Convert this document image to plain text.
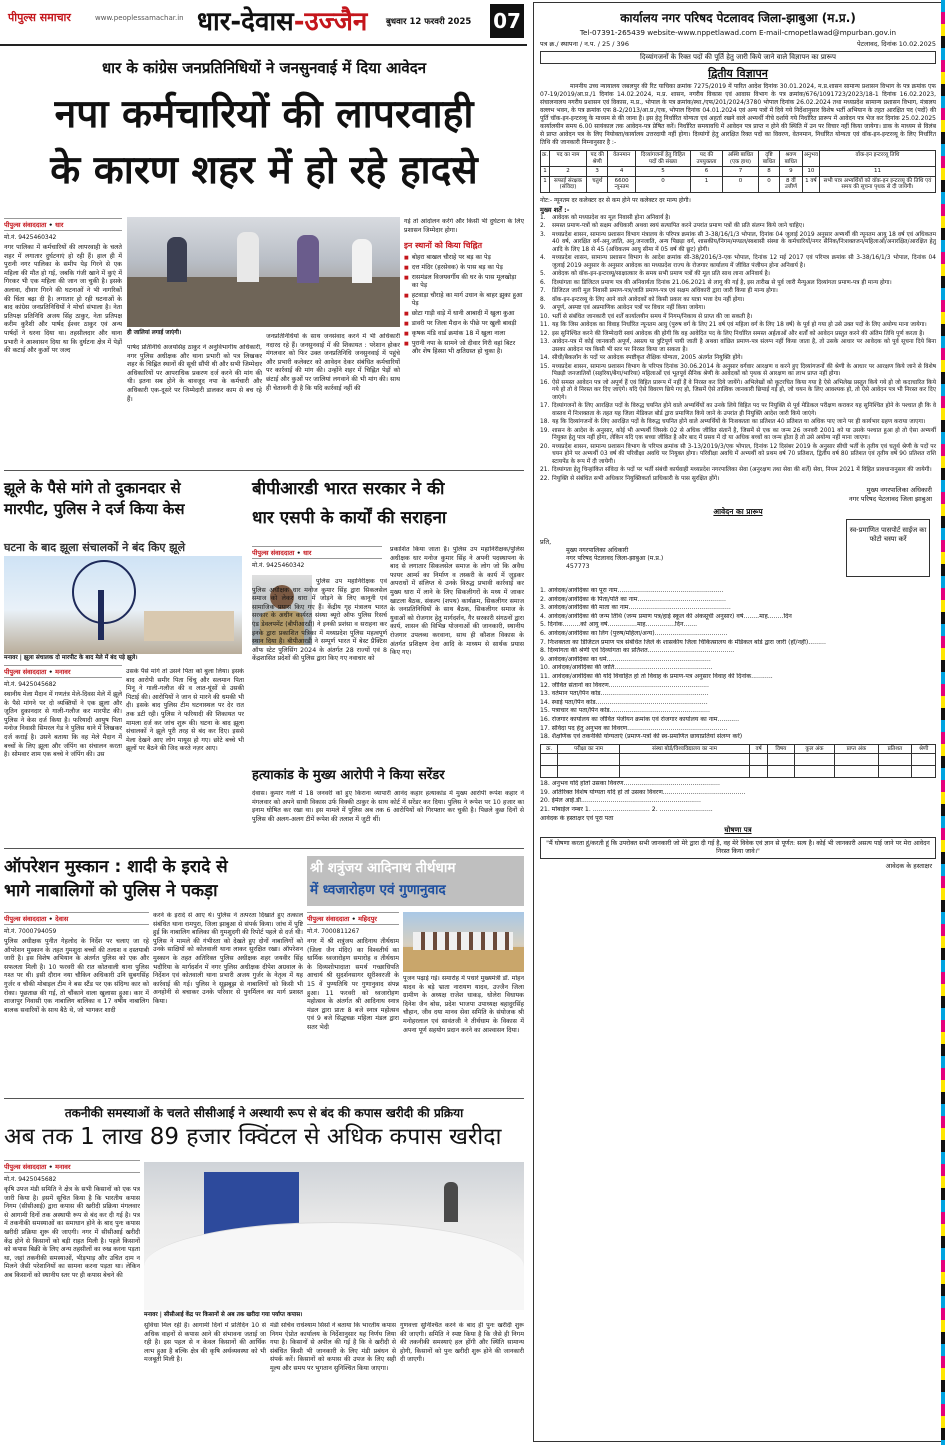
पीपुल्स समाचार	www.peoplessamachar.in धार-देवास-उज्जैन बुधवार 12 फरवरी 2025 07
धार के कांग्रेस जनप्रतिनिधियों ने जनसुनवाई में दिया आवेदन
नपा कर्मचारियों की लापरवाही
के कारण शहर में हो रहे हादसे
पीपुल्स संवाददाता • धार
मो.नं. 9425460342
नगर पालिका में कर्मचारियों की लापरवाही के चलते शहर में लगातार दुर्घटनाएं हो रही हैं। हाल ही में पुरानी नगर पालिका के समीप पेड़ गिरने से एक महिला की मौत हो गई, जबकि गंजी खाने में कुएं में गिरकर भी एक महिला की जान जा चुकी है। इसके अलावा, दीवार गिरने की घटनाओं ने भी नागरिकों की चिंता बढ़ा दी है। लगातार हो रही घटनाओं के बाद कांग्रेस जनप्रतिनिधियों ने मोर्चा संभाला है। नेता प्रतिपक्ष प्रतिनिधि अजय सिंह ठाकुर, नेता प्रतिपक्ष करीम कुरैशी और पार्षद ईश्वर ठाकुर एवं अन्य पार्षदों ने धरना दिया था। तहसीलदार और थाना प्रभारी ने आश्वासन दिया था कि दुर्घटना क्षेत्र में पेड़ों की कटाई और कुओं पर जल्द
ही जालियां लगाई जाएंगी।
पार्षद प्रतिनिधि अजयसिंह ठाकुर ने अनुविभागीय अधिकारी, नगर पुलिस अधीक्षक और थाना प्रभारी को पत्र लिखकर शहर के चिह्नित स्थानों की सूची सौंपी थी और सभी जिम्मेदार अधिकारियों पर आपराधिक प्रकरण दर्ज करने की मांग की थी। इतना सब होने के बावजूद नपा के कर्मचारी और अधिकारी एक-दूसरे पर जिम्मेदारी डालकर काम से बच रहे हैं।
जनप्रतिनिधियों के साथ जनसंवाद करने में भी अधिकारी नदारद रहे हैं। जनसुनवाई में की शिकायत : परेशान होकर मंगलवार को फिर उक्त जनप्रतिनिधि जनसुनवाई में पहुंचे और प्रभारी कलेक्टर को आवेदन देकर संबंधित कर्मचारियों पर कार्रवाई की मांग की। उन्होंने शहर में चिह्नित पेड़ों को छंटाई और कुओं पर जालियां लगवाने की भी मांग की। साथ ही चेतावनी दी है कि यदि कार्रवाई नहीं की
गई तो आंदोलन करेंगे और किसी भी दुर्घटना के लिए प्रशासन जिम्मेदार होगा।
इन स्थानों को किया चिह्नित
■ बोहरा बाखल चौराहे पर बड़ का पेड़
■ दत्त मंदिर (हरसेवक) के पास बड़ का पेड़
■ रासमंडल विजयवर्गीय की घर के पास मूलखोड़ा का पेड़
■ हटवाड़ा चौराहे का मार्ग उधान के बाहर झुका हुआ पेड़
■ छोटा गाड़ी वाड़े में धानी आबादी में खुला कुआ
■ डावरी पर जिला मैदान के पीछे पर खुली बावड़ी
■ कृषक मंडि वार्ड क्रमांक 18 में खुला नाला
■ पुरानी नपा के सामने जो दीवार गिरी वहां बिटर और शेष हिस्सा भी क्षतिग्रस्त हो चुका है।
झूले के पैसे मांगे तो दुकानदार से
मारपीट, पुलिस ने दर्ज किया केस
घटना के बाद झूला संचालकों ने बंद किए झूले
मनावर | झूला संचालक दो मारपीट के बाद मेले में बंद पड़े झूले।
पीपुल्स संवाददाता • मनावर
मो.नं. 9425045682
स्थानीय मेला मैदान में गणतंत्र मेले-दिवस मेले में झूले के पैसे मांगने पर दो व्यक्तियों ने एक झूला और जूतिन दुकानदार से गाली-गलौज कर मारपीट की। पुलिस ने केस दर्ज किया है। फरियादी आयुष पिता मनोज निवासी सिमरल गेड ने पुलिस थाने में लिखकर दर्ज कराई है। उसने बताया कि वह मेले मैदान में बच्चों के लिए झूला और जंपिंग का संचालन करता है। सोमवार शाम एक बच्चे ने जंपिंग की। उस
उसके पैसे मांगे तो उसने पिता को बुला लिया। इसके बाद आरोपी समीर पिता चिंचु और सलमान पिता मिनू ने गाली-गलौज की व लात-घूंसों से उसकी पिटाई की। आरोपियों ने जान से मारने की धमकी भी दी। इसके बाद पुलिस टीम घटनास्थल पर देर रात तक डटी रही। पुलिस ने फरियादी की शिकायत पर मामला दर्ज कर जांच शुरू की। घटना के बाद झूला संचालकों ने झूले पूरी तरह से बंद कर दिए। इससे मेला देखने आए लोग मायूस हो गए। छोटे बच्चे भी झूलों पर बैठने की जिद करते नज़र आए।
बीपीआरडी भारत सरकार ने की
धार एसपी के कार्यों की सराहना
पीपुल्स संवाददाता • धार
मो.नं. 9425460342
पुलिस उप महानिरीक्षक एवं पुलिस अधीक्षक धार मनोज कुमार सिंह द्वारा सिकलसेल समाज को लेकर धारा में जोड़ने के लिए कानूनी एवं सामाजिक प्रयास किए गए हैं। केंद्रीय गृह मंत्रालय भारत सरकार के अधीन कार्यरत संस्था ब्यूरो ऑफ पुलिस रिसर्च एंड डेवलपमेंट (बीपीआरडी) ने इनकी प्रशंसा व सराहना कर इनके द्वारा प्रकाशित पत्रिका में मध्यप्रदेश पुलिस महत्वपूर्ण स्थान दिया है। बीपीआरडी ने सम्पूर्ण भारत में बेस्ट प्रैक्टिस ऑफ स्टेट पुलिसिंग 2024 के अंतर्गत 28 राज्यों एवं 8 केंद्रशासित प्रदेशों की पुलिस द्वारा किए गए नवाचार को
प्रकाशित किया जाता है। पुलिस उप महानिरीक्षक/पुलिस अधीक्षक धार मनोज कुमार सिंह ने अपनी पदस्थापना के बाद से लगातार सिकलसेल समाज के लोग जो कि अवैध फायर आर्म्स का निर्माण व तस्करी के कार्य में जुड़कर अपराधों में संलिप्त थे उनके विरुद्ध प्रभावी कार्रवाई कर मुख्य धारा में लाने के लिए सिकलीगरों के मध्य में जाकर खाटला बैठक, संकल्प (शपथ) कार्यक्रम, सिकलीगर समाज के जनप्रतिनिधियों के साथ बैठक, सिकलीगर समाज के युवाओं को रोजगार हेतु मार्गदर्शन, गैर सरकारी संगठनों द्वारा कार्य, शासन की विभिन्न योजनाओं की जानकारी, स्थानीय रोजगार उपलब्ध करवाना, साथ ही कौशल विकास के अंतर्गत प्रशिक्षण देना आदि के माध्यम से सार्थक प्रयास किए गए।
हत्याकांड के मुख्य आरोपी ने किया सरेंडर
देवास। कुमार गली में 18 जनवरी को हुए किराना व्यापारी आनंद कहार हत्याकांड में मुख्य आरोपी रूपेश कहार ने मंगलवार को अपने साथी विकास उर्फ विक्की ठाकुर के साथ कोर्ट में सरेंडर कर दिया। पुलिस ने रूपेश पर 10 हजार का इनाम घोषित कर रखा था। इस मामले में पुलिस अब तक 6 आरोपियों को गिरफ्तार कर चुकी है। पिछले कुछ दिनों से पुलिस की अलग-अलग टीमें रूपेश की तलाश में जुटी थीं।
ऑपरेशन मुस्कान : शादी के इरादे से
भागे नाबालिगों को पुलिस ने पकड़ा
पीपुल्स संवाददाता • देवास
मो.नं. 7000794059
पुलिस अधीक्षक पुनीत गेहलोद के निर्देश पर चलाए जा रहे ऑपरेशन मुस्कान के तहत गुमशुदा बच्चों की तलाश व दस्तयाबी जारी है। इस विशेष अभियान के अंतर्गत पुलिस को एक और सफलता मिली है। 10 फरवरी की रात कोतवाली थाना पुलिस गश्त पर थी। इसी दौरान नया चौकिन अधिकारी उनि सुबगसिंह गुर्जर व चौकी मोबाइल टीम ने बस स्टैंड पर एक संदिग्ध कार को रोका। पूछताछ की गई, तो चौंकाने वाला खुलासा हुआ। कार में शाजापुर निवासी एक नाबालिग बालिका व 17 वर्षीय नाबालिग बालक सवारियों के साथ बैठे थे, जो भागकर शादी
करने के इरादे से आए थे। पुलिस ने तत्परता दिखाते हुए तत्काल संबंधित थाना रामपुरा, जिला झाबुआ से संपर्क किया। जांच में पुष्टि हुई कि नाबालिग बालिका की गुमशुदगी की रिपोर्ट पहले से दर्ज थी। पुलिस ने मामले की गंभीरता को देखते हुए दोनों नाबालिगों को उनके साक्षियों को कोतवाली थाना लाकर सुरक्षित रखा। ऑपरेशन मुस्कान के तहत अतिरिक्त पुलिस अधीक्षक शहर जयवीर सिंह भदौरिया के मार्गदर्शन में नगर पुलिस अधीक्षक दीपेश अग्रवाल के निर्देशन एवं कोतवाली थाना प्रभारी अजय गुर्जर के नेतृत्व में यह कार्रवाई की गई। पुलिस ने सूझबूझ से नाबालिगों को किसी भी अनहोनी से बचाकर उनके परिवार से पुनर्मिलन का मार्ग प्रशस्त किया।
श्री शत्रुंजय आदिनाथ तीर्थधाम
में ध्वजारोहण एवं गुणानुवाद
पीपुल्स संवाददाता • महिदपुर
मो.नं. 7000811267
नगर में श्री शत्रुंजय आदिनाथ तीर्थधाम (जिला जैन मंदिर) का विश्वतीर्थ का धार्मिक ध्वजारोहण समारोह व तीर्थधाम के दिव्यशोभादाता समर्थ गच्छाधिपति आचार्य श्री सुदर्शनसागर सूरीश्वरजी के 15 वें पुण्यतिथि पर गुणानुवाद संपन्न हुआ। 11 फरवरी को ध्वजारोहण महोत्सव के अंतर्गत श्री आदिनाथ स्नात्र मंडल द्वारा प्रातः 8 बजे स्नात्र महोत्सव एवं 9 बजे सिद्धचक्र महिला मंडल द्वारा सतर भेदी
पूजन पढ़ाई गई। समारोह में पधारे मुख्यमंत्री डॉ. मोहन यादव के बड़े भ्राता नारायण यादव, उज्जैन जिला ग्रामीण के अध्यक्ष राजेश धाकड़, धोलेरा विधायक दिनेश जैन बोस, प्रदेश भाजपा उपाध्यक्ष बहादुरसिंह चौहान, जीव दया मानव सेवा समिति के संयोजक श्री मनोहरलाल एवं सावंतजी ने तीर्थधाम के विकास में अपना पूर्ण सहयोग प्रदान करने का आश्वासन दिया।
तकनीकी समस्याओं के चलते सीसीआई ने अस्थायी रूप से बंद की कपास खरीदी की प्रक्रिया
अब तक 1 लाख 89 हजार क्विंटल से अधिक कपास खरीदा
पीपुल्स संवाददाता • मनावर
मो.नं. 9425045682
कृषि उपज मंडी समिति ने क्षेत्र के सभी किसानों को एक पत्र जारी किया है। इसमें सूचित किया है कि भारतीय कपास निगम (सीसीआई) द्वारा कपास की खरीदी प्रक्रिया मंगलवार से आगामी दिनों तक अस्थायी रूप से बंद कर दी गई है। पत्र में तकनीकी समस्याओं का समाधान होने के बाद पुनः कपास खरीदी प्रक्रिया शुरू की जाएगी। नगर में सीसीआई खरीदी केंद्र होने से किसानों को बड़ी राहत मिली है। पहले किसानों को कपास बिक्री के लिए अन्य तहसीलों का रुख करना पड़ता था, जहां तकनीकी समस्याओं, भीड़भाड़ और उचित दाम न मिलने जैसी परेशानियों का सामना करना पड़ता था। लेकिन अब किसानों को स्थानीय स्तर पर ही कपास बेचने की
मनावर | सीसीआई केंद्र पर किसानों से अब तक खरीदा गया पर्याप्त कपास।
सुविधा मिल रही है। आगामी दिनों में प्रतिदिन 10 से अधिक वाहनों से कपास आने की संभावना जताई जा रही है। इस पहल से न केवल किसानों की आर्थिक लाभ हुआ है बल्कि क्षेत्र की कृषि अर्थव्यवस्था को भी मजबूती मिली है।
मंडी सचिव राधेश्याम सिसों ने बताया कि भारतीय कपास निगम ऐप्रोत कार्यालय के निर्देशानुसार यह निर्णय लिया गया है। किसानों से अपील की गई है कि वे खरीदी से संबंधित किसी भी जानकारी के लिए मंडी प्रबंधन से संपर्क करें। किसानों को कपास की उपज के लिए सही मूल्य और समय पर भुगतान सुनिश्चित किया जाएगा।
गुणवत्ता सुनिश्चित करने के बाद ही पुनः खरीदी शुरू की जाएगी। समिति ने स्पष्ट किया है कि जैसे ही निगम की तकनीकी समस्याएं हल होंगी और स्थिति सामान्य होगी, किसानों को पुनः खरीदी शुरू होने की जानकारी दी जाएगी।
कार्यालय नगर परिषद पेटलावद जिला-झाबुआ (म.प्र.)
Tel-07391-265439 website-www.nppetlawad.com E-mail-cmopetlawad@mpurban.gov.in
पत्र क्र./ स्थापना / न.प. / 25 / 396	पेटलावद, दिनांक 10.02.2025
दिव्यांगजनों के रिक्त पदों की पूर्ति हेतु जारी किये जाने वाले विज्ञापन का प्रारूप
द्वितीय विज्ञापन
माननीय उच्च न्यायालय जबलपुर की रिट याचिका क्रमांक 7275/2019 में पारित आदेश दिनांक 30.01.2024, म.प्र.शासन सामान्य प्रशासन विभाग के पत्र क्रमांक एफ 07-19/2019/आ.प्र./1 दिनांक 14.02.2024, म.प्र. शासन, नगरीय विकास एवं आवास विभाग के पत्र क्रमांक/676/1091723/2023/18-1 दिनांक 16.02.2023, संचालनालय नगरीय प्रशासन एवं विकास, म.प्र., भोपाल के पत्र क्रमांक/स्था./एफ/201/2024/3780 भोपाल दिनांक 26.02.2024 तथा मध्यप्रदेश सामान्य प्रशासन विभाग, मंत्रालय वल्लभ भवन, के पत्र क्रमांक एफ 8-2/2013/आ.प्र./एक, भोपाल दिनांक 04.01.2024 एवं अन्य पत्रों में दिये गये निर्देशानुसार विशेष भर्ती अभियान के तहत आरक्षित पद (पदों) की पूर्ति चॉक-इन-इन्टरव्यू के माध्यम से की जाना है। इस हेतु निर्धारित योग्यता एवं अहर्ता रखने वाले अभ्यर्थी नीचे दर्शाये गये निर्धारित प्रारूप में आवेदन पत्र भेज कर दिनांक 25.02.2025 कार्यालयीन समय 6.00 सायंकाल तक आवेदन-पत्र प्रेषित करें। निर्धारित समयावधि में आवेदन पत्र प्राप्त न होने की स्थिति में उन पर विचार नहीं किया जायेगा। डाक के माध्यम से विलंब से प्राप्त आवेदन पत्र के लिए नियोक्ता/कार्यालय उत्तरदायी नहीं होगा। दिव्यांगों हेतु आरक्षित रिक्त पदों का विवरण, वेतनमान, निर्धारित योग्यता एवं वॉक-इन-इन्टरव्यू के लिए निर्धारित तिथि की जानकारी निम्नानुसार है :-
क्र.	पद का नाम	पद की श्रेणी	वेतनमान	दिव्यांगजनों हेतु विहित पदों की संख्या	पद की उपयुक्तता	अस्थि बाधित (एक हाथ)	दृष्टि बाधित	श्रवण बाधित	अनुभव	वॉक-इन इन्टरव्यू तिथि
1	2	3	4	5	6	7	8	9	10	11
1	सफाई संरक्षक (संविदा)	चतुर्थ	6600 न्यूनतम	0	1	0	0	8 वीं उत्तीर्ण	1 वर्ष	सभी पात्र अभ्यर्थियों को वॉक-इन इन्टरव्यू की तिथि एवं समय की सूचना पृथक से दी जायेगी।
नोट:- न्यूनतम दर कलेक्टर दर से कम होने पर कलेक्टर दर मान्य होगी।
मुख्य शर्तें :-
1.	आवेदक को मध्यप्रदेश का मूल निवासी होना अनिवार्य है।
2.	समस्त प्रमाण-पत्रों को सक्षम अधिकारी अथवा स्वयं सत्यापित करने उपरांत प्रमाण पत्रों की प्रति संलग्न किये जाने चाहिए।
3.	मध्यप्रदेश शासन, सामान्य प्रशासन विभाग मंत्रालय के परिपत्र क्रमांक सी 3-38/16/1/3 भोपाल, दिनांक 04 जुलाई 2019 अनुसार अभ्यर्थी की न्यूनतम आयु 18 वर्ष एवं अधिकतम 40 वर्ष, आरक्षित वर्ग-अनु.जाति, अनु.जनजाति, अन्य पिछड़ा वर्ग, शासकीय/निगम/मण्डल/स्वशासी संस्था के कर्मचारियों/नगर सैनिक/निःशक्तजन/महिलाओं/अनारक्षित/आरक्षित हेतु आदि के लिए 18 से 45 (अधिकतम आयु सीमा में 05 वर्ष की छूट) होगी।
4.	मध्यप्रदेश शासन, सामान्य प्रशासन विभाग के आदेश क्रमांक सी-38/2016/3-एक भोपाल, दिनांक 12 मई 2017 एवं परिपत्र क्रमांक सी 3-38/16/1/3 भोपाल, दिनांक 04 जुलाई 2019 अनुसार के अनुसार आवेदक का मध्यप्रदेश राज्य के रोजगार कार्यालय में जीवित पंजीयन होना अनिवार्य है।
5.	आवेदक को वॉक-इन-इन्टरव्यू/साक्षात्कार के समय सभी प्रमाण पत्रों की मूल प्रति साथ लाना अनिवार्य है।
6.	दिव्यांगता का डिजिटल प्रमाण पत्र की अनिवार्यता दिनांक 21.06.2021 से लागू की गई है, इस तारीख से पूर्व जारी मैन्युअल दिव्यांगता प्रमाण-पत्र ही मान्य होगा।
7.	डिजिटल जारी मूल निवासी प्रमाण-पत्र/जाति प्रमाण-पत्र एवं सक्षम अधिकारी द्वारा जारी किया ही मान्य होगा।
8.	वॉक-इन-इन्टरव्यू के लिए आने वाले आवेदकों को किसी प्रकार का यात्रा भत्ता देय नहीं होगा।
9.	अपूर्ण, अस्पष्ट एवं अप्रमाणिक आवेदन पत्रों पर विचार नहीं किया जायेगा।
10. भर्ती से संबंधित जानकारी एवं शर्तें कार्यालयीन समय में निगम/निकाय से प्राप्त की जा सकती है।
11. यह कि जिस आवेदक का विवाह निर्धारित न्यूनतम आयु (पुरुष वर्ग के लिए 21 वर्ष एवं महिला वर्ग के लिए 18 वर्ष) के पूर्व हो गया हो उसे उक्त पदों के लिए अयोग्य माना जायेगा।
12. इस सुनिश्चित करने की जिम्मेदारी स्वयं आवेदक की होगी कि वह आवेदित पद के लिए निर्धारित समस्त अर्हताओं और शर्तों को आवेदन प्रस्तुत करने की अंतिम तिथि पूर्ण करता है।
13. आवेदन-पत्र में कोई जानकारी अपूर्ण, असत्य या त्रुटिपूर्ण पायी जाती है अथवा वांछित प्रमाण-पत्र संलग्न नहीं किया जाता है, तो उसके आधार पर आवेदक को पूर्व सूचना दिये बिना उसका आवेदन पत्र किसी भी स्तर पर निरस्त किया जा सकता है।
14. सीधी/बैकलॉग के पदों पर आवेदक स्पष्टीकृत शैक्षिक योग्यता, 2005 अंतर्गत नियुक्ति होंगे।
15. मध्यप्रदेश शासन, सामान्य प्रशासन विभाग के परिपत्र दिनांक 30.06.2014 के अनुसार वर्गवार आरक्षण व करने हुए दिव्यांगजनों की श्रेणी के आधार पर आरक्षण किये जाने से विशेष पिछड़ी जनजातियों (सहरिया/बैगा/भारिया) महिलाओं एवं भूतपूर्व सैनिक श्रेणी के आवेदकों को पृथक से आरक्षण का लाभ प्राप्त नहीं होगा।
16. ऐसे समस्त आवेदन पत्र जो अपूर्ण हैं एवं विहित प्रारूप में नहीं हैं वे निरस्त कर दिये जायेंगे। अभिलेखों को कूटरचित किया गया है ऐसे अभिलेख प्रस्तुत किये गये हो जो कदाचारित किये गये हो तो वे निरस्त कर दिए जाएंगे। यदि ऐसे विवरण छिपे गए हो, जिसमें ऐसे तात्विक जानकारी छिपाई गई हो, जो चयन के लिए आवश्यक हो, तो ऐसे आवेदन पत्र भी निरस्त कर दिए जाएंगे।
17. दिव्यांगजनों के लिए आरक्षित पदों के विरुद्ध चयनित होने वाले अभ्यर्थियों का उनके लिये विहित पद पर नियुक्ति से पूर्व मेडिकल परीक्षण कराकर यह सुनिश्चित होने के पश्चात ही कि वे वास्तव में निःशक्तता के तहत यह जिला मेडिकल बोर्ड द्वारा प्रमाणित किये जाने के उपरांत ही नियुक्ति आदेश जारी किये जाएंगे।
18. यह कि दिव्यांगजनों के लिए आरक्षित पदों के विरुद्ध चयनित होने वाले अभ्यर्थियों के निःशक्तता का प्रतिशत 40 प्रतिशत या अधिक पाए जाने पर ही कार्यभार ग्रहण कराया जाएगा।
19. शासन के आदेश के अनुसार, कोई भी अभ्यर्थी जिसके 02 से अधिक जीवित संतानें है, जिसमें से एक का जन्म 26 जनवरी 2001 को या उसके पश्चात हुआ हो तो ऐसा अभ्यर्थी नियुक्त हेतु पात्र नहीं होगा, लेकिन यदि एक बच्चा जीवित है और बाद में प्रसव में दो या अधिक बच्चों का जन्म होता है तो उसे अयोग्य नहीं माना जाएगा।
20. मध्यप्रदेश शासन, सामान्य प्रशासन विभाग के परिपत्र क्रमांक सी 3-13/2019/3/एक भोपाल, दिनांक 12 दिसंबर 2019 के अनुसार सीधी भर्ती के तृतीय एवं चतुर्थ श्रेणी के पदों पर चयन होने पर अभ्यर्थी 03 वर्ष की परिवीक्षा अवधि पर नियुक्त होगा। परिवीक्षा अवधि में अभ्यर्थी को प्रथम वर्ष 70 प्रतिशत, द्वितीय वर्ष 80 प्रतिशत एवं तृतीय वर्ष 90 प्रतिशत राशि स्टायपेंड के रूप में दी जायेगी।
21. दिव्यांगता हेतु चिन्हांकित संविदा के पदों पर भर्ती संबंधी कार्यवाही मध्यप्रदेश नगरपालिका सेवा (अनुरक्षण तथा सेवा की शर्तें) सेवा, नियम 2021 में विहित प्रावधानानुसार की जायेगी।
22. नियुक्ति से संबंधित सभी अधिकार नियुक्तिकर्ता प्राधिकारी के पास सुरक्षित होंगे।
मुख्य नगरपालिका अधिकारी
नगर परिषद पेटलावद जिला झाबुआ
आवेदन का प्रारूप
प्रति,
मुख्य नगरपालिका अधिकारी
नगर परिषद पेटलावद जिला-झाबुआ (म.प्र.)
457773
स्व-प्रमाणित पासपोर्ट साईज का फोटो चस्पा करें
1. आवेदक/आवेदिका का पूरा नाम......................................................
2. आवेदक/आवेदिका के पिता/पति का नाम.............................................
3. आवेदक/आवेदिका की माता का नाम....................................................
4. आवेदक/आवेदिका की जन्म तिथि (जन्म प्रमाण पत्र/हाई स्कूल की अंकसूची अनुसार) वर्ष........माह........दिन
5. दिनांक.........को आयु वर्ष...............माह...............दिन.......
6. आवेदक/आवेदिका का लिंग (पुरुष/महिला/अन्य).....................................
7. निःशक्तता का डिजिटल प्रमाण पत्र संबंधित जिले के शासकीय जिला चिकित्सालय के मेडिकल बोर्ड द्वारा जारी (हाँ/नहीं).........
8. दिव्यांगता की श्रेणी एवं दिव्यांगता का प्रतिशत............................................
9. आवेदक/आवेदिका का धर्म.....................................................
10. आवेदक/आवेदिका की जाति..................................................
11. आवेदक/आवेदिका की यदि विवाहित हो तो विवाह के प्रमाण-पत्र अनुसार विवाह की दिनांक...........
12. जीवित संतानों का विवरण...................................................
13. वर्तमान पता/पिन कोड.......................................................
14. स्थाई पता/पिन कोड.........................................................
15. पत्राचार का पता/पिन कोड...................................................
16. रोजगार कार्यालय का जीवित पंजीयन क्रमांक एवं रोजगार कार्यालय का नाम...........
17. संविदा पद हेतु अनुभव का विवरण...................................................
18. शैक्षणिक एवं तकनीकी योग्यताएं (प्रमाण-पत्रों की स्व-प्रमाणित छायाप्रतियां संलग्न करें)
क्र.	परीक्षा का नाम	संस्था बोर्ड/विश्वविद्यालय का नाम	वर्ष	विषय	कुल अंक	प्राप्त अंक	प्रतिशत	श्रेणी

18. अनुभव यदि होतो उसका विवरण.................................................
19. अतिरिक्त विशेष योग्यता यदि हो तो उसका विवरण..........................................
20. ईमेल आई.डी.............................................................
21. मोबाईल नम्बर 1. ............................. 2. ...........................
आवेदक के हस्ताक्षर एवं पूरा पता
घोषणा पत्र
"मैं घोषणा करता हूं/करती हूं कि उपरोक्त सभी जानकारी जो मेरे द्वारा दी गई है, वह मेरे विवेक एवं ज्ञान से पूर्णत: सत्य है। कोई भी जानकारी असत्य पाई जाने पर मेरा आवेदन निरस्त किया जावे।"
आवेदक के हस्ताक्षर
